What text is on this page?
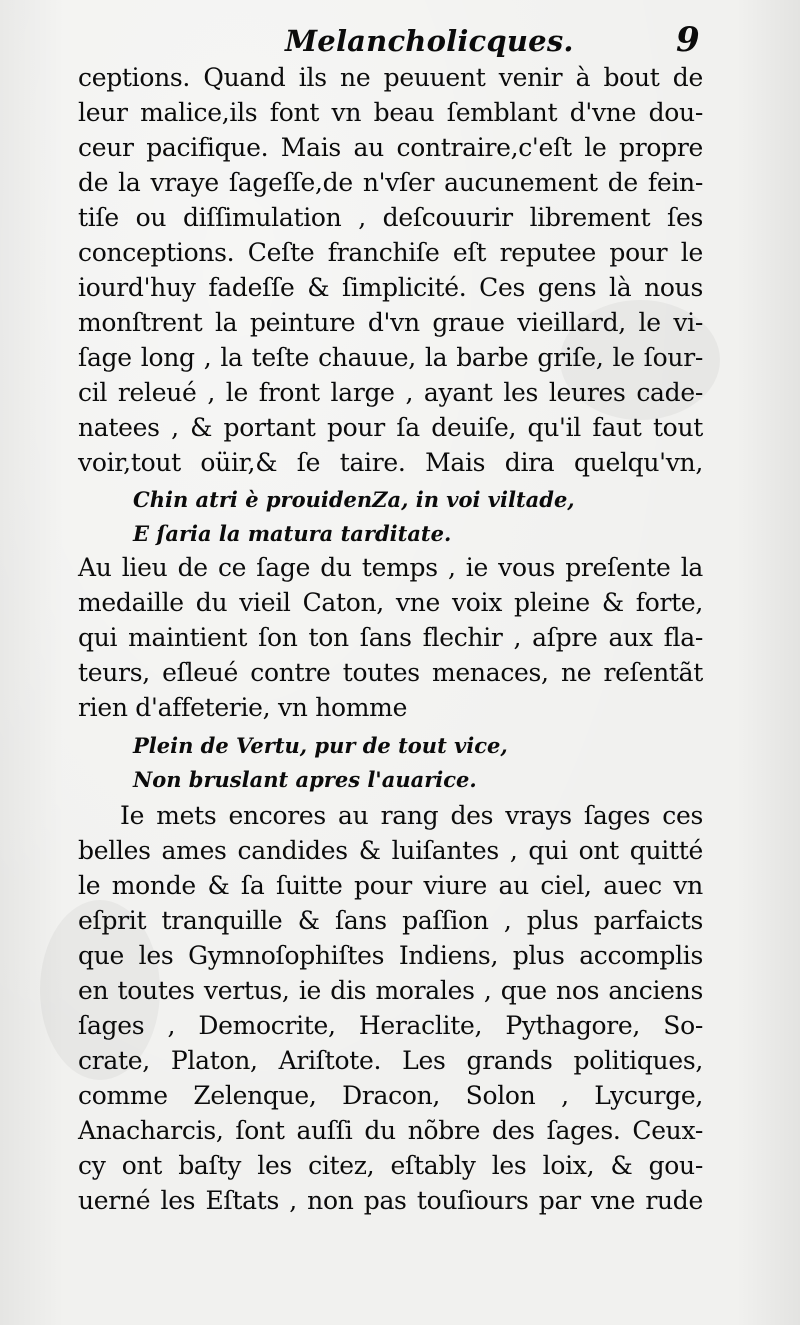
Melancholicques.	9
ceptions. Quand ils ne peuuent venir à bout de
leur malice,ils font vn beau ſemblant d'vne dou-
ceur pacifique. Mais au contraire,c'eſt le propre
de la vraye ſageſſe,de n'vſer aucunement de fein-
tiſe ou diſſimulation , deſcouurir librement ſes
conceptions. Ceſte franchiſe eſt reputee pour le
iourd'huy fadeſſe & ſimplicité. Ces gens là nous
monſtrent la peinture d'vn graue vieillard, le vi-
ſage long , la teſte chauue, la barbe griſe, le ſour-
cil releué , le front large , ayant les leures cade-
natees , & portant pour ſa deuiſe, qu'il faut tout
voir,tout oüir,& ſe taire. Mais dira quelqu'vn,
Chin atri è prouidenZa, in voi viltade,
E ſaria la matura tarditate.
Au lieu de ce ſage du temps , ie vous preſente la
medaille du vieil Caton, vne voix pleine & forte,
qui maintient ſon ton ſans flechir , aſpre aux fla-
teurs, eſleué contre toutes menaces, ne reſentãt
rien d'affeterie, vn homme
Plein de Vertu, pur de tout vice,
Non bruslant apres l'auarice.
Ie mets encores au rang des vrays ſages ces
belles ames candides & luiſantes , qui ont quitté
le monde & ſa ſuitte pour viure au ciel, auec vn
eſprit tranquille & ſans paſſion , plus parfaicts
que les Gymnoſophiſtes Indiens, plus accomplis
en toutes vertus, ie dis morales , que nos anciens
ſages , Democrite, Heraclite, Pythagore, So-
crate, Platon, Ariſtote. Les grands politiques,
comme Zelenque, Dracon, Solon , Lycurge,
Anacharcis, ſont auſſi du nõbre des ſages. Ceux-
cy ont baſty les citez, eſtably les loix, & gou-
uerné les Eſtats , non pas touſiours par vne rude
